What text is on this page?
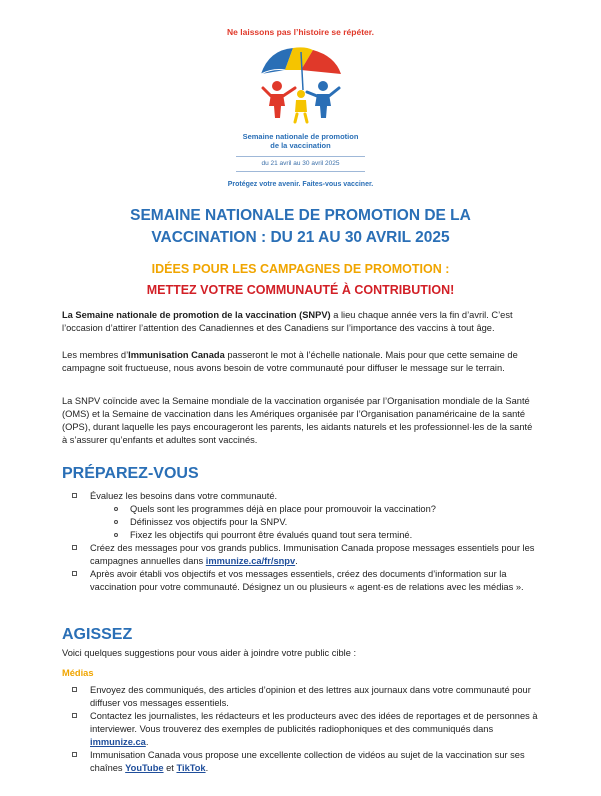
Ne laissons pas l’histoire se répéter.
Semaine nationale de promotion
de la vaccination
du 21 avril au 30 avril 2025
Protégez votre avenir. Faites-vous vacciner.
SEMAINE NATIONALE DE PROMOTION DE LA
VACCINATION : DU 21 AU 30 AVRIL 2025
IDÉES POUR LES CAMPAGNES DE PROMOTION :
METTEZ VOTRE COMMUNAUTÉ À CONTRIBUTION!
La Semaine nationale de promotion de la vaccination (SNPV) a lieu chaque année vers la fin d’avril. C’est l’occasion d’attirer l’attention des Canadiennes et des Canadiens sur l’importance des vaccins à tout âge.
Les membres d’Immunisation Canada passeront le mot à l’échelle nationale. Mais pour que cette semaine de campagne soit fructueuse, nous avons besoin de votre communauté pour diffuser le message sur le terrain.
La SNPV coïncide avec la Semaine mondiale de la vaccination organisée par l’Organisation mondiale de la Santé (OMS) et la Semaine de vaccination dans les Amériques organisée par l’Organisation panaméricaine de la santé (OPS), durant laquelle les pays encourageront les parents, les aidants naturels et les professionnel·les de la santé à s’assurer qu’enfants et adultes sont vaccinés.
PRÉPAREZ-VOUS
Évaluez les besoins dans votre communauté.
Quels sont les programmes déjà en place pour promouvoir la vaccination?
Définissez vos objectifs pour la SNPV.
Fixez les objectifs qui pourront être évalués quand tout sera terminé.
Créez des messages pour vos grands publics. Immunisation Canada propose messages essentiels pour les campagnes annuelles dans immunize.ca/fr/snpv.
Après avoir établi vos objectifs et vos messages essentiels, créez des documents d’information sur la vaccination pour votre communauté. Désignez un ou plusieurs « agent·es de relations avec les médias ».
AGISSEZ
Voici quelques suggestions pour vous aider à joindre votre public cible :
Médias
Envoyez des communiqués, des articles d’opinion et des lettres aux journaux dans votre communauté pour diffuser vos messages essentiels.
Contactez les journalistes, les rédacteurs et les producteurs avec des idées de reportages et de personnes à interviewer. Vous trouverez des exemples de publicités radiophoniques et des communiqués dans immunize.ca.
Immunisation Canada vous propose une excellente collection de vidéos au sujet de la vaccination sur ses chaînes YouTube et TikTok.
